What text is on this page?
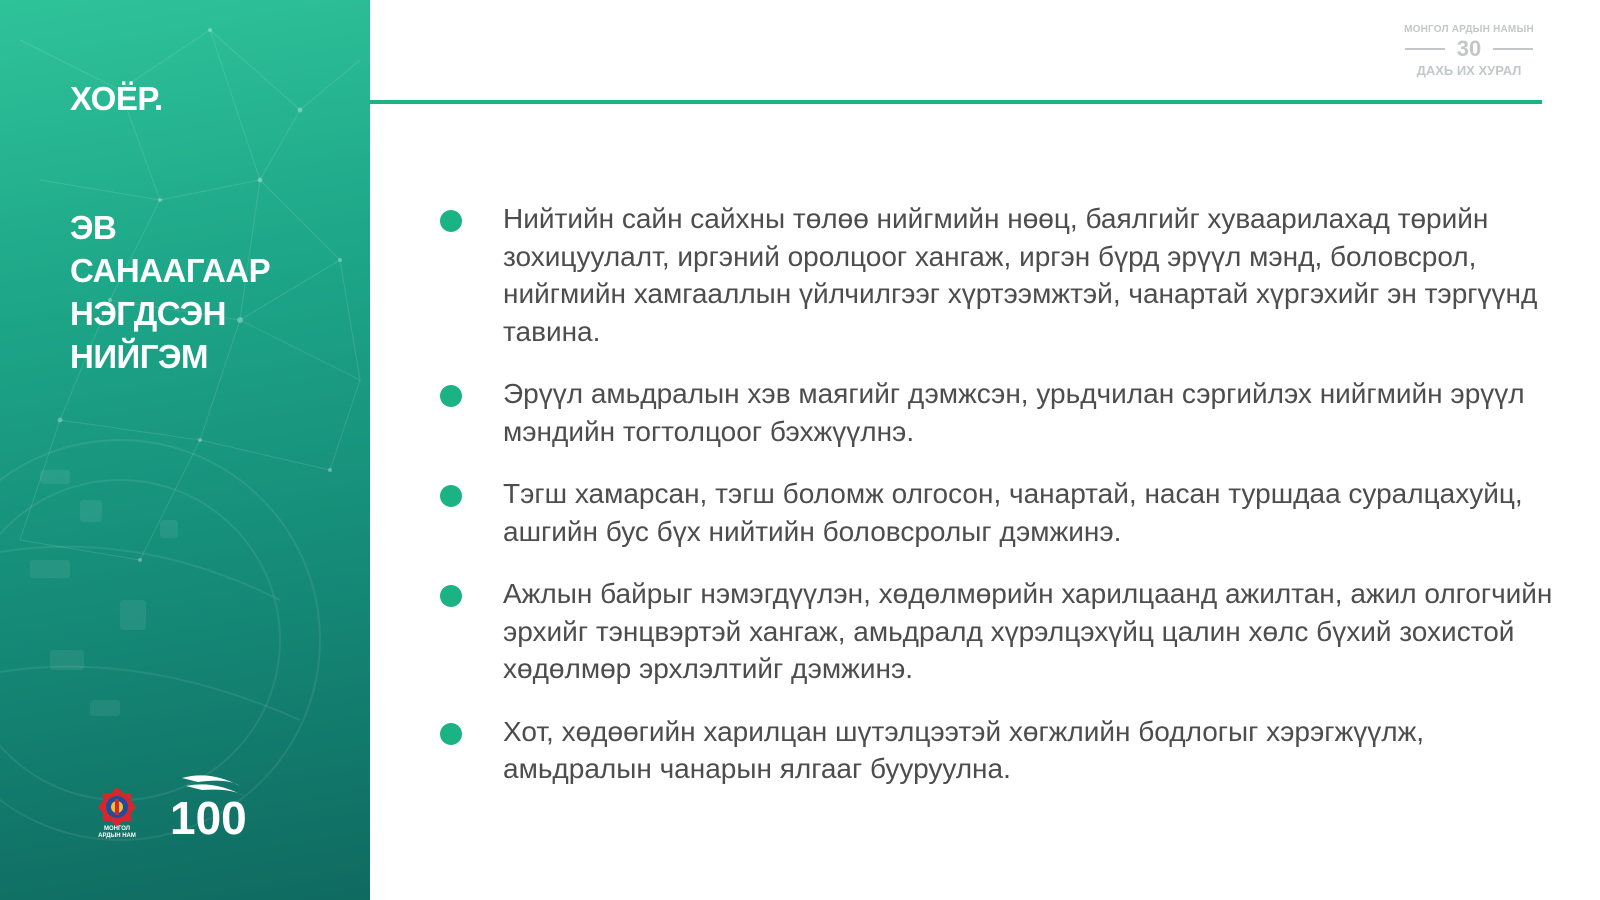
ХОЁР.
ЭВ
САНААГААР
НЭГДСЭН
НИЙГЭМ
МОНГОЛ
АРДЫН НАМ 100
МОНГОЛ АРДЫН НАМЫН
30
ДАХЬ ИХ ХУРАЛ
Нийтийн сайн сайхны төлөө нийгмийн нөөц, баялгийг хуваарилахад төрийн зохицуулалт, иргэний оролцоог хангаж, иргэн бүрд эрүүл мэнд, боловсрол, нийгмийн хамгааллын үйлчилгээг хүртээмжтэй, чанартай хүргэхийг эн тэргүүнд тавина.
Эрүүл амьдралын хэв маягийг дэмжсэн, урьдчилан сэргийлэх нийгмийн эрүүл мэндийн тогтолцоог бэхжүүлнэ.
Тэгш хамарсан, тэгш боломж олгосон, чанартай, насан туршдаа суралцахуйц, ашгийн бус бүх нийтийн боловсролыг дэмжинэ.
Ажлын байрыг нэмэгдүүлэн, хөдөлмөрийн харилцаанд ажилтан, ажил олгогчийн эрхийг тэнцвэртэй хангаж, амьдралд хүрэлцэхүйц цалин хөлс бүхий зохистой хөдөлмөр эрхлэлтийг дэмжинэ.
Хот, хөдөөгийн харилцан шүтэлцээтэй хөгжлийн бодлогыг хэрэгжүүлж, амьдралын чанарын ялгааг бууруулна.
